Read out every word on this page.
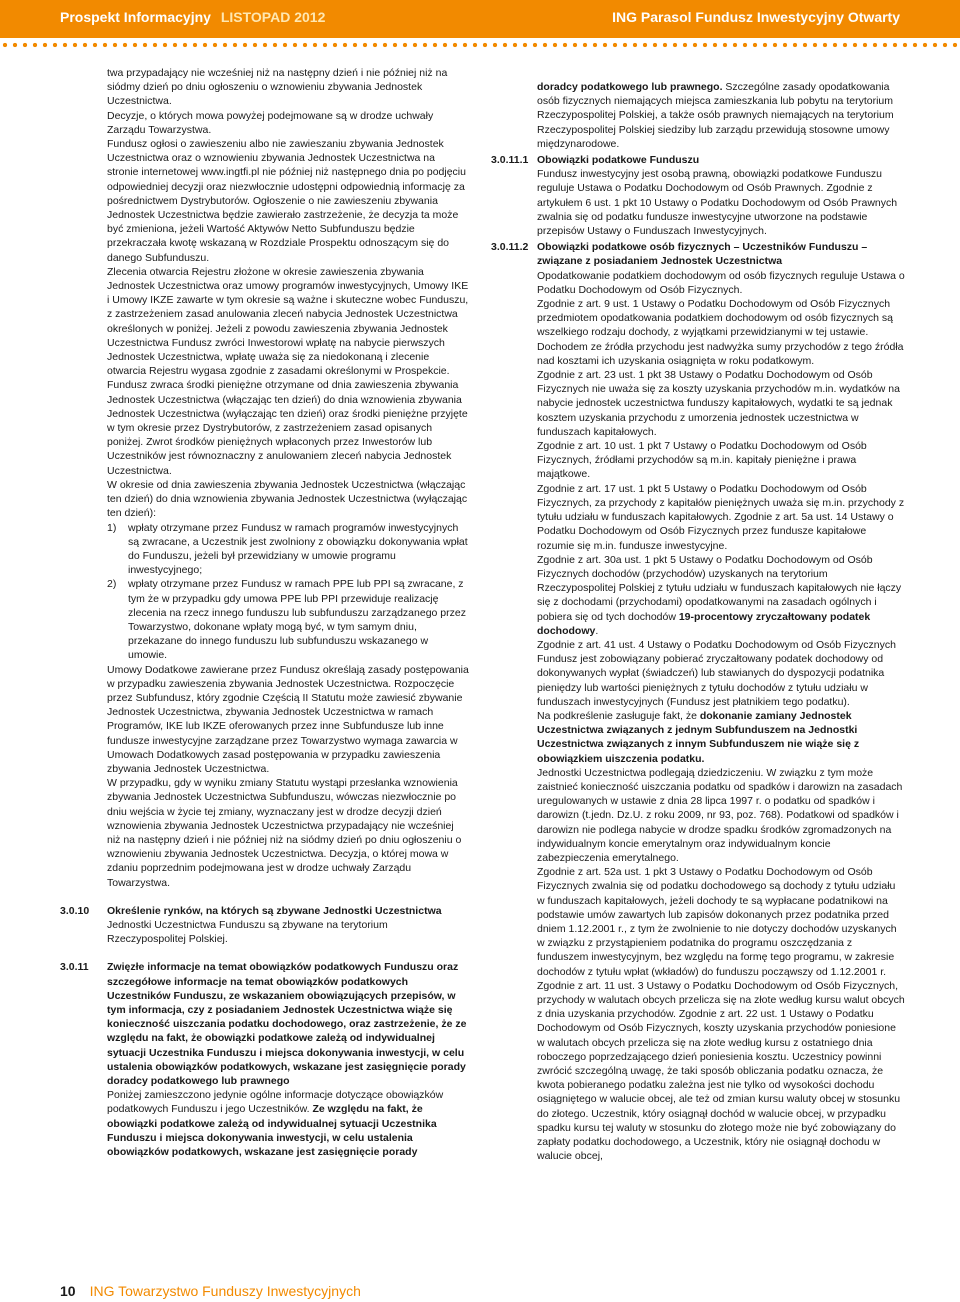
Prospekt Informacyjny LISTOPAD 2012	ING Parasol Fundusz Inwestycyjny Otwarty

twa przypadający nie wcześniej niż na następny dzień i nie później niż na siódmy dzień po dniu ogłoszeniu o wznowieniu zbywania Jednostek Uczestnictwa.

Decyzje, o których mowa powyżej podejmowane są w drodze uchwały Zarządu Towarzystwa.

Fundusz ogłosi o zawieszeniu albo nie zawieszaniu zbywania Jednostek Uczestnictwa oraz o wznowieniu zbywania Jednostek Uczestnictwa na stronie internetowej www.ingtfi.pl nie później niż następnego dnia po podjęciu odpowiedniej decyzji oraz niezwłocznie udostępni odpowiednią informację za pośrednictwem Dystrybutorów. Ogłoszenie o nie zawieszeniu zbywania Jednostek Uczestnictwa będzie zawierało zastrzeżenie, że decyzja ta może być zmieniona, jeżeli Wartość Aktywów Netto Subfunduszu będzie przekraczała kwotę wskazaną w Rozdziale Prospektu odnoszącym się do danego Subfunduszu.

Zlecenia otwarcia Rejestru złożone w okresie zawieszenia zbywania Jednostek Uczestnictwa oraz umowy programów inwestycyjnych, Umowy IKE i Umowy IKZE zawarte w tym okresie są ważne i skuteczne wobec Funduszu, z zastrzeżeniem zasad anulowania zleceń nabycia Jednostek Uczestnictwa określonych w poniżej. Jeżeli z powodu zawieszenia zbywania Jednostek Uczestnictwa Fundusz zwróci Inwestorowi wpłatę na nabycie pierwszych Jednostek Uczestnictwa, wpłatę uważa się za niedokonaną i zlecenie otwarcia Rejestru wygasa zgodnie z zasadami określonymi w Prospekcie.

Fundusz zwraca środki pieniężne otrzymane od dnia zawieszenia zbywania Jednostek Uczestnictwa (włączając ten dzień) do dnia wznowienia zbywania Jednostek Uczestnictwa (wyłączając ten dzień) oraz środki pieniężne przyjęte w tym okresie przez Dystrybutorów, z zastrzeżeniem zasad opisanych poniżej. Zwrot środków pieniężnych wpłaconych przez Inwestorów lub Uczestników jest równoznaczny z anulowaniem zleceń nabycia Jednostek Uczestnictwa.

W okresie od dnia zawieszenia zbywania Jednostek Uczestnictwa (włączając ten dzień) do dnia wznowienia zbywania Jednostek Uczestnictwa (wyłączając ten dzień):

1)	wpłaty otrzymane przez Fundusz w ramach programów inwestycyjnych są zwracane, a Uczestnik jest zwolniony z obowiązku dokonywania wpłat do Funduszu, jeżeli był przewidziany w umowie programu inwestycyjnego;
2)	wpłaty otrzymane przez Fundusz w ramach PPE lub PPI są zwracane, z tym że w przypadku gdy umowa PPE lub PPI przewiduje realizację zlecenia na rzecz innego funduszu lub subfunduszu zarządzanego przez Towarzystwo, dokonane wpłaty mogą być, w tym samym dniu, przekazane do innego funduszu lub subfunduszu wskazanego w umowie.

Umowy Dodatkowe zawierane przez Fundusz określają zasady postępowania w przypadku zawieszenia zbywania Jednostek Uczestnictwa. Rozpoczęcie przez Subfundusz, który zgodnie Częścią II Statutu może zawiesić zbywanie Jednostek Uczestnictwa, zbywania Jednostek Uczestnictwa w ramach Programów, IKE lub IKZE oferowanych przez inne Subfundusze lub inne fundusze inwestycyjne zarządzane przez Towarzystwo wymaga zawarcia w Umowach Dodatkowych zasad postępowania w przypadku zawieszenia zbywania Jednostek Uczestnictwa.

W przypadku, gdy w wyniku zmiany Statutu wystąpi przesłanka wznowienia zbywania Jednostek Uczestnictwa Subfunduszu, wówczas niezwłocznie po dniu wejścia w życie tej zmiany, wyznaczany jest w drodze decyzji dzień wznowienia zbywania Jednostek Uczestnictwa przypadający nie wcześniej niż na następny dzień i nie później niż na siódmy dzień po dniu ogłoszeniu o wznowieniu zbywania Jednostek Uczestnictwa. Decyzja, o której mowa w zdaniu poprzednim podejmowana jest w drodze uchwały Zarządu Towarzystwa.

3.0.10 Określenie rynków, na których są zbywane Jednostki Uczestnictwa

Jednostki Uczestnictwa Funduszu są zbywane na terytorium Rzeczypospolitej Polskiej.

3.0.11 Zwięzłe informacje na temat obowiązków podatkowych Funduszu oraz szczegółowe informacje na temat obowiązków podatkowych Uczestników Funduszu, ze wskazaniem obowiązujących przepisów, w tym informacja, czy z posiadaniem Jednostek Uczestnictwa wiąże się konieczność uiszczania podatku dochodowego, oraz zastrzeżenie, że ze względu na fakt, że obowiązki podatkowe zależą od indywidualnej sytuacji Uczestnika Funduszu i miejsca dokonywania inwestycji, w celu ustalenia obowiązków podatkowych, wskazane jest zasięgnięcie porady doradcy podatkowego lub prawnego

Poniżej zamieszczono jedynie ogólne informacje dotyczące obowiązków podatkowych Funduszu i jego Uczestników. Ze względu na fakt, że obowiązki podatkowe zależą od indywidualnej sytuacji Uczestnika Funduszu i miejsca dokonywania inwestycji, w celu ustalenia obowiązków podatkowych, wskazane jest zasięgnięcie porady

doradcy podatkowego lub prawnego. Szczególne zasady opodatkowania osób fizycznych niemających miejsca zamieszkania lub pobytu na terytorium Rzeczypospolitej Polskiej, a także osób prawnych niemających na terytorium Rzeczypospolitej Polskiej siedziby lub zarządu przewidują stosowne umowy międzynarodowe.

3.0.11.1 Obowiązki podatkowe Funduszu

Fundusz inwestycyjny jest osobą prawną, obowiązki podatkowe Funduszu reguluje Ustawa o Podatku Dochodowym od Osób Prawnych. Zgodnie z artykułem 6 ust. 1 pkt 10 Ustawy o Podatku Dochodowym od Osób Prawnych zwalnia się od podatku fundusze inwestycyjne utworzone na podstawie przepisów Ustawy o Funduszach Inwestycyjnych.

3.0.11.2 Obowiązki podatkowe osób fizycznych – Uczestników Funduszu – związane z posiadaniem Jednostek Uczestnictwa

Opodatkowanie podatkiem dochodowym od osób fizycznych reguluje Ustawa o Podatku Dochodowym od Osób Fizycznych.

Zgodnie z art. 9 ust. 1 Ustawy o Podatku Dochodowym od Osób Fizycznych przedmiotem opodatkowania podatkiem dochodowym od osób fizycznych są wszelkiego rodzaju dochody, z wyjątkami przewidzianymi w tej ustawie. Dochodem ze źródła przychodu jest nadwyżka sumy przychodów z tego źródła nad kosztami ich uzyskania osiągnięta w roku podatkowym.

Zgodnie z art. 23 ust. 1 pkt 38 Ustawy o Podatku Dochodowym od Osób Fizycznych nie uważa się za koszty uzyskania przychodów m.in. wydatków na nabycie jednostek uczestnictwa funduszy kapitałowych, wydatki te są jednak kosztem uzyskania przychodu z umorzenia jednostek uczestnictwa w funduszach kapitałowych.

Zgodnie z art. 10 ust. 1 pkt 7 Ustawy o Podatku Dochodowym od Osób Fizycznych, źródłami przychodów są m.in. kapitały pieniężne i prawa majątkowe.

Zgodnie z art. 17 ust. 1 pkt 5 Ustawy o Podatku Dochodowym od Osób Fizycznych, za przychody z kapitałów pieniężnych uważa się m.in. przychody z tytułu udziału w funduszach kapitałowych. Zgodnie z art. 5a ust. 14 Ustawy o Podatku Dochodowym od Osób Fizycznych przez fundusze kapitałowe rozumie się m.in. fundusze inwestycyjne.

Zgodnie z art. 30a ust. 1 pkt 5 Ustawy o Podatku Dochodowym od Osób Fizycznych dochodów (przychodów) uzyskanych na terytorium Rzeczypospolitej Polskiej z tytułu udziału w funduszach kapitałowych nie łączy się z dochodami (przychodami) opodatkowanymi na zasadach ogólnych i pobiera się od tych dochodów 19-procentowy zryczałtowany podatek dochodowy.

Zgodnie z art. 41 ust. 4 Ustawy o Podatku Dochodowym od Osób Fizycznych Fundusz jest zobowiązany pobierać zryczałtowany podatek dochodowy od dokonywanych wypłat (świadczeń) lub stawianych do dyspozycji podatnika pieniędzy lub wartości pieniężnych z tytułu dochodów z tytułu udziału w funduszach inwestycyjnych (Fundusz jest płatnikiem tego podatku).

Na podkreślenie zasługuje fakt, że dokonanie zamiany Jednostek Uczestnictwa związanych z jednym Subfunduszem na Jednostki Uczestnictwa związanych z innym Subfunduszem nie wiąże się z obowiązkiem uiszczenia podatku.

Jednostki Uczestnictwa podlegają dziedziczeniu. W związku z tym może zaistnieć konieczność uiszczania podatku od spadków i darowizn na zasadach uregulowanych w ustawie z dnia 28 lipca 1997 r. o podatku od spadków i darowizn (t.jedn. Dz.U. z roku 2009, nr 93, poz. 768). Podatkowi od spadków i darowizn nie podlega nabycie w drodze spadku środków zgromadzonych na indywidualnym koncie emerytalnym oraz indywidualnym koncie zabezpieczenia emerytalnego.

Zgodnie z art. 52a ust. 1 pkt 3 Ustawy o Podatku Dochodowym od Osób Fizycznych zwalnia się od podatku dochodowego są dochody z tytułu udziału w funduszach kapitałowych, jeżeli dochody te są wypłacane podatnikowi na podstawie umów zawartych lub zapisów dokonanych przez podatnika przed dniem 1.12.2001 r., z tym że zwolnienie to nie dotyczy dochodów uzyskanych w związku z przystąpieniem podatnika do programu oszczędzania z funduszem inwestycyjnym, bez względu na formę tego programu, w zakresie dochodów z tytułu wpłat (wkładów) do funduszu począwszy od 1.12.2001 r.

Zgodnie z art. 11 ust. 3 Ustawy o Podatku Dochodowym od Osób Fizycznych, przychody w walutach obcych przelicza się na złote według kursu walut obcych z dnia uzyskania przychodów. Zgodnie z art. 22 ust. 1 Ustawy o Podatku Dochodowym od Osób Fizycznych, koszty uzyskania przychodów poniesione w walutach obcych przelicza się na złote według kursu z ostatniego dnia roboczego poprzedzającego dzień poniesienia kosztu. Uczestnicy powinni zwrócić szczególną uwagę, że taki sposób obliczania podatku oznacza, że kwota pobieranego podatku zależna jest nie tylko od wysokości dochodu osiągniętego w walucie obcej, ale też od zmian kursu waluty obcej w stosunku do złotego. Uczestnik, który osiągnął dochód w walucie obcej, w przypadku spadku kursu tej waluty w stosunku do złotego może nie być zobowiązany do zapłaty podatku dochodowego, a Uczestnik, który nie osiągnął dochodu w walucie obcej,

10 ING Towarzystwo Funduszy Inwestycyjnych
